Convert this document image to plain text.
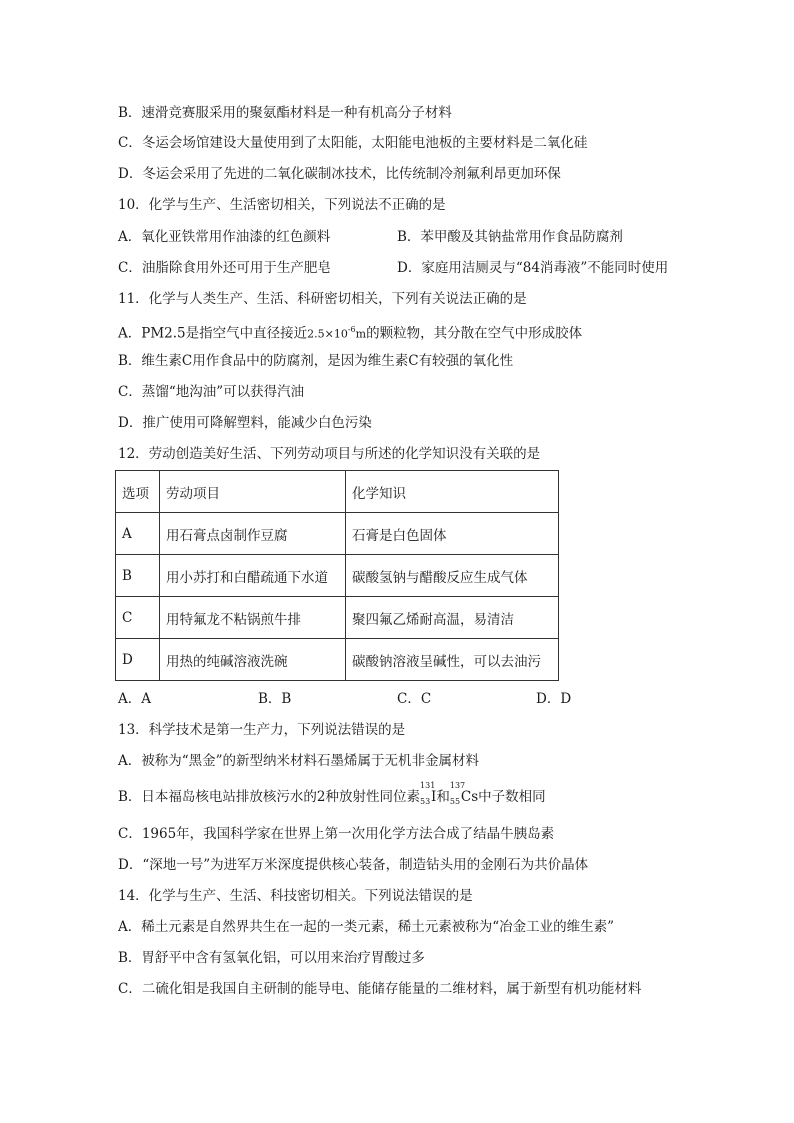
B．速滑竞赛服采用的聚氨酯材料是一种有机高分子材料
C．冬运会场馆建设大量使用到了太阳能，太阳能电池板的主要材料是二氧化硅
D．冬运会采用了先进的二氧化碳制冰技术，比传统制冷剂氟利昂更加环保
10．化学与生产、生活密切相关，下列说法不正确的是
A．氧化亚铁常用作油漆的红色颜料	B．苯甲酸及其钠盐常用作食品防腐剂
C．油脂除食用外还可用于生产肥皂	D．家庭用洁厕灵与“84消毒液”不能同时使用
11．化学与人类生产、生活、科研密切相关，下列有关说法正确的是
A．PM2.5是指空气中直径接近$2.5\times 10^{-6}m$的颗粒物，其分散在空气中形成胶体
B．维生素C用作食品中的防腐剂，是因为维生素C有较强的氧化性
C．蒸馏“地沟油”可以获得汽油
D．推广使用可降解塑料，能减少白色污染
12．劳动创造美好生活、下列劳动项目与所述的化学知识没有关联的是
选项	劳动项目	化学知识
A	用石膏点卤制作豆腐	石膏是白色固体
B	用小苏打和白醋疏通下水道	碳酸氢钠与醋酸反应生成气体
C	用特氟龙不粘锅煎牛排	聚四氟乙烯耐高温，易清洁
D	用热的纯碱溶液洗碗	碳酸钠溶液呈碱性，可以去油污
A．A	B．B	C．C	D．D
13．科学技术是第一生产力，下列说法错误的是
A．被称为“黑金”的新型纳米材料石墨烯属于无机非金属材料
B．日本福岛核电站排放核污水的2种放射性同位素
131
53 I和
137
55 Cs中子数相同
C．1965年，我国科学家在世界上第一次用化学方法合成了结晶牛胰岛素
D．“深地一号”为进军万米深度提供核心装备，制造钻头用的金刚石为共价晶体
14．化学与生产、生活、科技密切相关。下列说法错误的是
A．稀土元素是自然界共生在一起的一类元素，稀土元素被称为“冶金工业的维生素”
B．胃舒平中含有氢氧化铝，可以用来治疗胃酸过多
C．二硫化钼是我国自主研制的能导电、能储存能量的二维材料，属于新型有机功能材料
